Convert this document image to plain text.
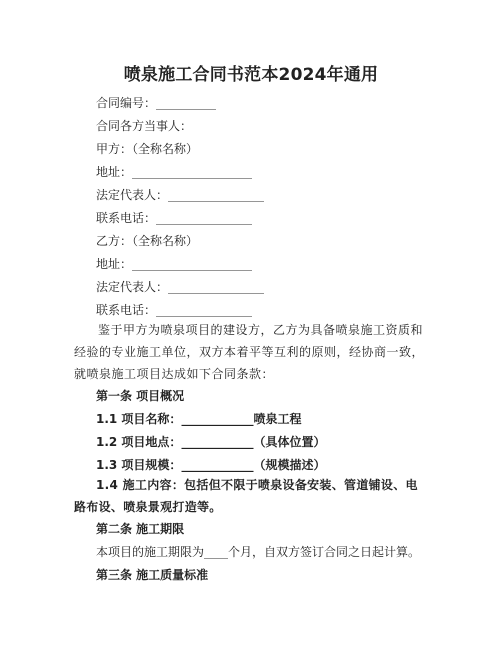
喷泉施工合同书范本2024年通用
合同编号：__________
合同各方当事人：
甲方：（全称名称）
地址：____________________
法定代表人：________________
联系电话：________________
乙方：（全称名称）
地址：____________________
法定代表人：________________
联系电话：________________
鉴于甲方为喷泉项目的建设方，乙方为具备喷泉施工资质和经验的专业施工单位，双方本着平等互利的原则，经协商一致，就喷泉施工项目达成如下合同条款：
第一条 项目概况
1.1 项目名称：____________喷泉工程
1.2 项目地点：____________（具体位置）
1.3 项目规模：____________（规模描述）
1.4 施工内容：包括但不限于喷泉设备安装、管道铺设、电路布设、喷泉景观打造等。
第二条 施工期限
本项目的施工期限为____个月，自双方签订合同之日起计算。
第三条 施工质量标准
